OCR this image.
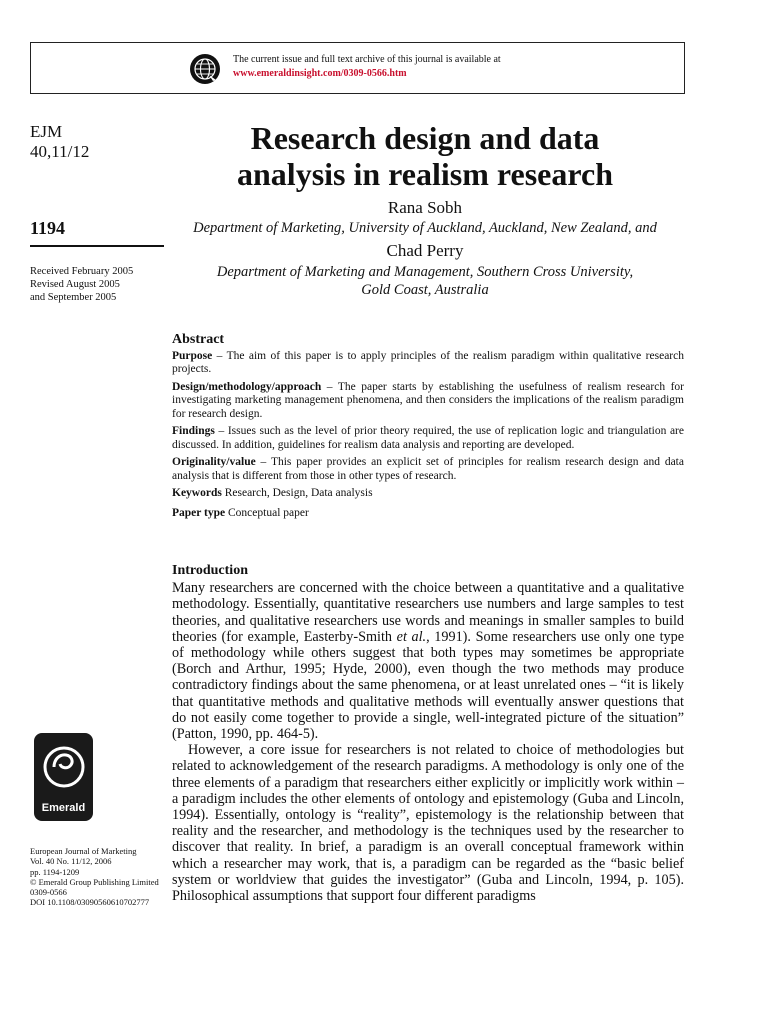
The current issue and full text archive of this journal is available at
www.emeraldinsight.com/0309-0566.htm
EJM
40,11/12
1194
Received February 2005
Revised August 2005
and September 2005
Research design and data
analysis in realism research
Rana Sobh
Department of Marketing, University of Auckland, Auckland, New Zealand, and
Chad Perry
Department of Marketing and Management, Southern Cross University,
Gold Coast, Australia
Abstract

Purpose – The aim of this paper is to apply principles of the realism paradigm within qualitative research projects.

Design/methodology/approach – The paper starts by establishing the usefulness of realism research for investigating marketing management phenomena, and then considers the implications of the realism paradigm for research design.

Findings – Issues such as the level of prior theory required, the use of replication logic and triangulation are discussed. In addition, guidelines for realism data analysis and reporting are developed.

Originality/value – This paper provides an explicit set of principles for realism research design and data analysis that is different from those in other types of research.

Keywords Research, Design, Data analysis
Paper type Conceptual paper
Introduction

Many researchers are concerned with the choice between a quantitative and a qualitative methodology. Essentially, quantitative researchers use numbers and large samples to test theories, and qualitative researchers use words and meanings in smaller samples to build theories (for example, Easterby-Smith et al., 1991). Some researchers use only one type of methodology while others suggest that both types may sometimes be appropriate (Borch and Arthur, 1995; Hyde, 2000), even though the two methods may produce contradictory findings about the same phenomena, or at least unrelated ones – “it is likely that quantitative methods and qualitative methods will eventually answer questions that do not easily come together to provide a single, well-integrated picture of the situation” (Patton, 1990, pp. 464-5).

However, a core issue for researchers is not related to choice of methodologies but related to acknowledgement of the research paradigms. A methodology is only one of the three elements of a paradigm that researchers either explicitly or implicitly work within – a paradigm includes the other elements of ontology and epistemology (Guba and Lincoln, 1994). Essentially, ontology is “reality”, epistemology is the relationship between that reality and the researcher, and methodology is the techniques used by the researcher to discover that reality. In brief, a paradigm is an overall conceptual framework within which a researcher may work, that is, a paradigm can be regarded as the “basic belief system or worldview that guides the investigator” (Guba and Lincoln, 1994, p. 105). Philosophical assumptions that support four different paradigms

Emerald
European Journal of Marketing
Vol. 40 No. 11/12, 2006
pp. 1194-1209
© Emerald Group Publishing Limited
0309-0566
DOI 10.1108/03090560610702777
